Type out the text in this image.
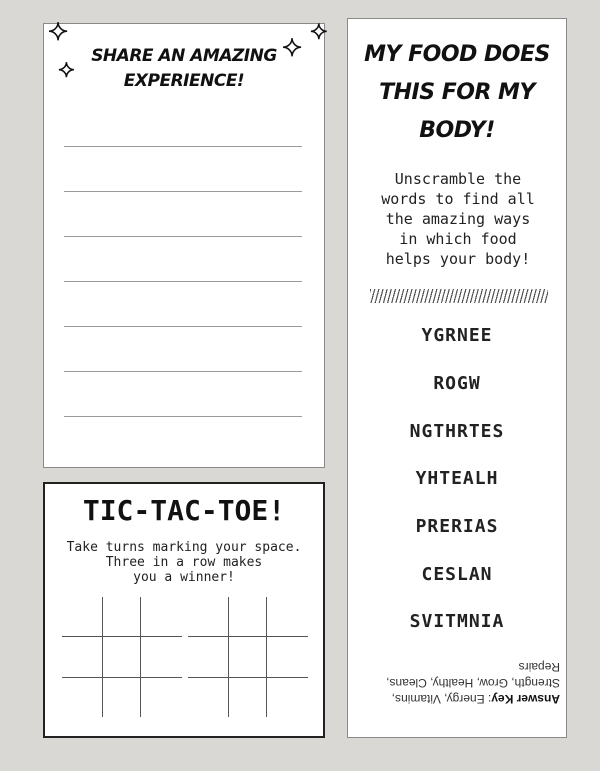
✦
✦
✦
✦
SHARE AN AMAZING
EXPERIENCE!
MY FOOD DOES
THIS FOR MY
BODY!
Unscramble the
words to find all
the amazing ways
in which food
helps your body!
YGRNEE
ROGW
NGTHRTES
YHTEALH
PRERIAS
CESLAN
SVITMNIA
Answer Key: Energy, Vitamins, Strength, Grow, Healthy, Cleans, Repairs
TIC-TAC-TOE!
Take turns marking your space.
Three in a row makes
you a winner!
